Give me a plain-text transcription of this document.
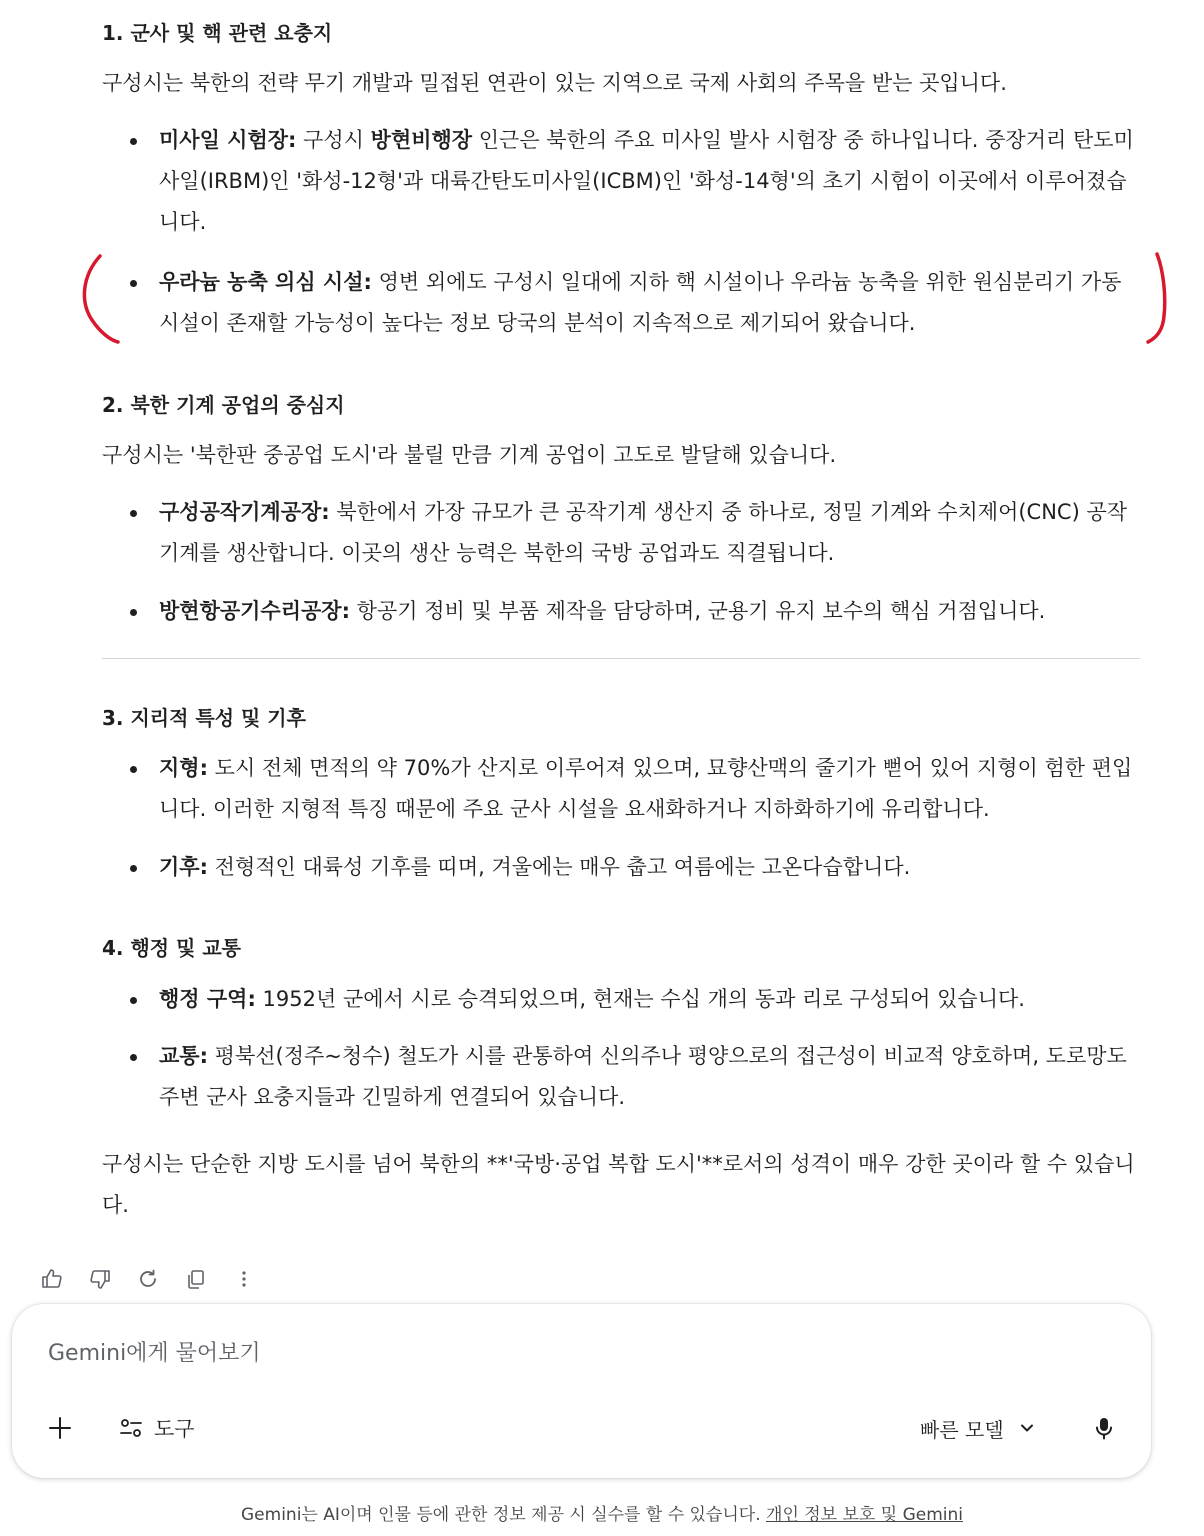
1. 군사 및 핵 관련 요충지
구성시는 북한의 전략 무기 개발과 밀접된 연관이 있는 지역으로 국제 사회의 주목을 받는 곳입니다.
미사일 시험장: 구성시 방현비행장 인근은 북한의 주요 미사일 발사 시험장 중 하나입니다. 중장거리 탄도미사일(IRBM)인 '화성-12형'과 대륙간탄도미사일(ICBM)인 '화성-14형'의 초기 시험이 이곳에서 이루어졌습니다.
우라늄 농축 의심 시설: 영변 외에도 구성시 일대에 지하 핵 시설이나 우라늄 농축을 위한 원심분리기 가동 시설이 존재할 가능성이 높다는 정보 당국의 분석이 지속적으로 제기되어 왔습니다.
2. 북한 기계 공업의 중심지
구성시는 '북한판 중공업 도시'라 불릴 만큼 기계 공업이 고도로 발달해 있습니다.
구성공작기계공장: 북한에서 가장 규모가 큰 공작기계 생산지 중 하나로, 정밀 기계와 수치제어(CNC) 공작기계를 생산합니다. 이곳의 생산 능력은 북한의 국방 공업과도 직결됩니다.
방현항공기수리공장: 항공기 정비 및 부품 제작을 담당하며, 군용기 유지 보수의 핵심 거점입니다.
3. 지리적 특성 및 기후
지형: 도시 전체 면적의 약 70%가 산지로 이루어져 있으며, 묘향산맥의 줄기가 뻗어 있어 지형이 험한 편입니다. 이러한 지형적 특징 때문에 주요 군사 시설을 요새화하거나 지하화하기에 유리합니다.
기후: 전형적인 대륙성 기후를 띠며, 겨울에는 매우 춥고 여름에는 고온다습합니다.
4. 행정 및 교통
행정 구역: 1952년 군에서 시로 승격되었으며, 현재는 수십 개의 동과 리로 구성되어 있습니다.
교통: 평북선(정주~청수) 철도가 시를 관통하여 신의주나 평양으로의 접근성이 비교적 양호하며, 도로망도 주변 군사 요충지들과 긴밀하게 연결되어 있습니다.
구성시는 단순한 지방 도시를 넘어 북한의 **'국방·공업 복합 도시'**로서의 성격이 매우 강한 곳이라 할 수 있습니다.
Gemini에게 물어보기
도구	빠른 모델
Gemini는 AI이며 인물 등에 관한 정보 제공 시 실수를 할 수 있습니다. 개인 정보 보호 및 Gemini
